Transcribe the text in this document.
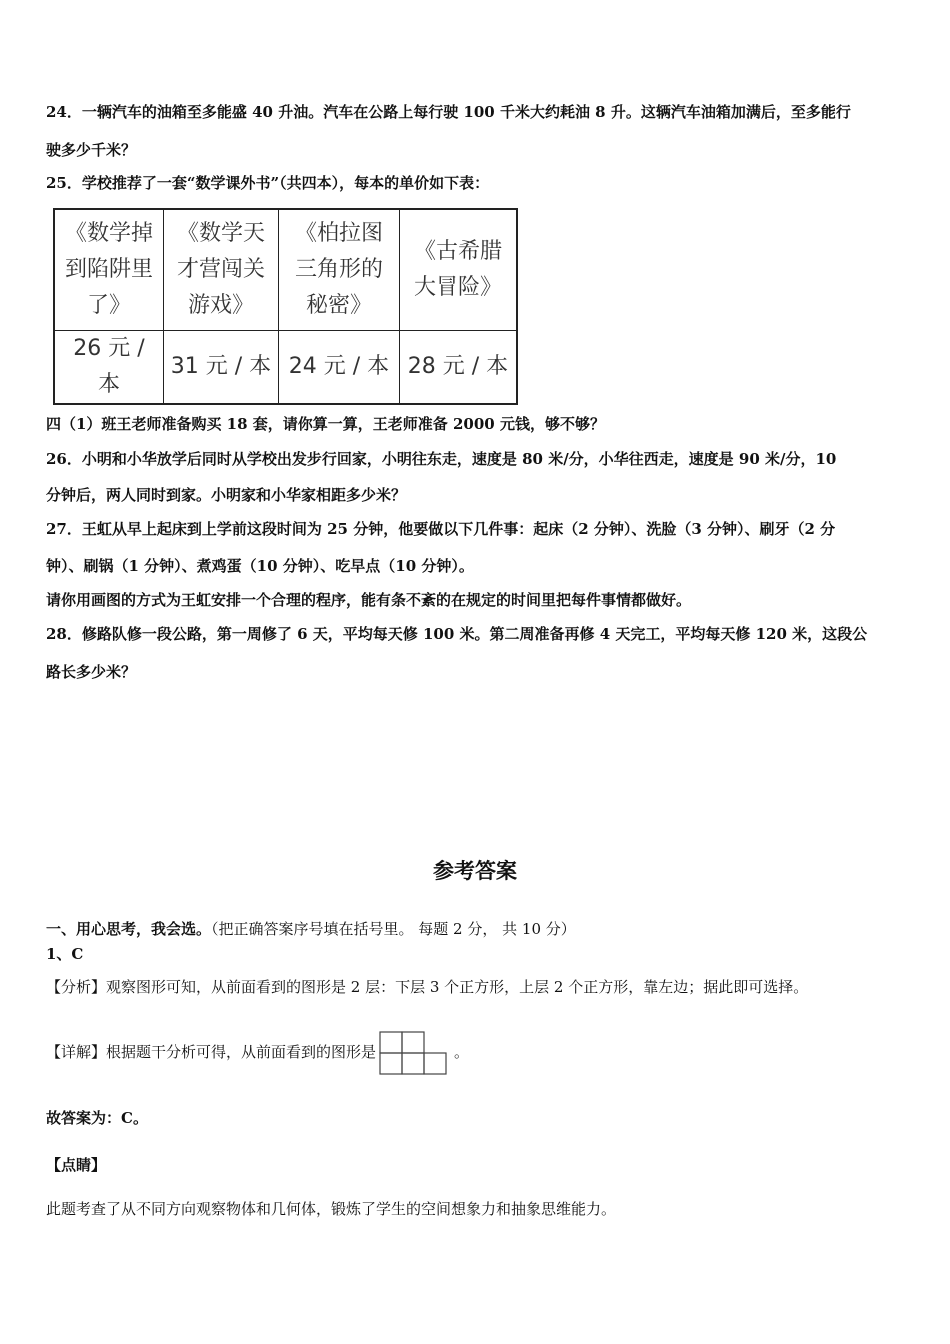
24．一辆汽车的油箱至多能盛 40 升油。汽车在公路上每行驶 100 千米大约耗油 8 升。这辆汽车油箱加满后，至多能行
驶多少千米？
25．学校推荐了一套“数学课外书”（共四本），每本的单价如下表：
《数学掉
到陷阱里
了》	《数学天
才营闯关
游戏》	《柏拉图
三角形的
秘密》	《古希腊
大冒险》

26 元 / 本	31 元 / 本	24 元 / 本	28 元 / 本
四（1）班王老师准备购买 18 套，请你算一算，王老师准备 2000 元钱，够不够？
26．小明和小华放学后同时从学校出发步行回家，小明往东走，速度是 80 米/分，小华往西走，速度是 90 米/分，10
分钟后，两人同时到家。小明家和小华家相距多少米？
27．王虹从早上起床到上学前这段时间为 25 分钟，他要做以下几件事：起床（2 分钟）、洗脸（3 分钟）、刷牙（2 分
钟）、刷锅（1 分钟）、煮鸡蛋（10 分钟）、吃早点（10 分钟）。
请你用画图的方式为王虹安排一个合理的程序，能有条不紊的在规定的时间里把每件事情都做好。
28．修路队修一段公路，第一周修了 6 天，平均每天修 100 米。第二周准备再修 4 天完工，平均每天修 120 米，这段公
路长多少米？
参考答案
一、用心思考，我会选。（把正确答案序号填在括号里。 每题 2 分， 共 10 分）
1、C
【分析】观察图形可知，从前面看到的图形是 2 层：下层 3 个正方形，上层 2 个正方形，靠左边；据此即可选择。
【详解】根据题干分析可得，从前面看到的图形是	。
故答案为：C。
【点睛】
此题考查了从不同方向观察物体和几何体，锻炼了学生的空间想象力和抽象思维能力。
